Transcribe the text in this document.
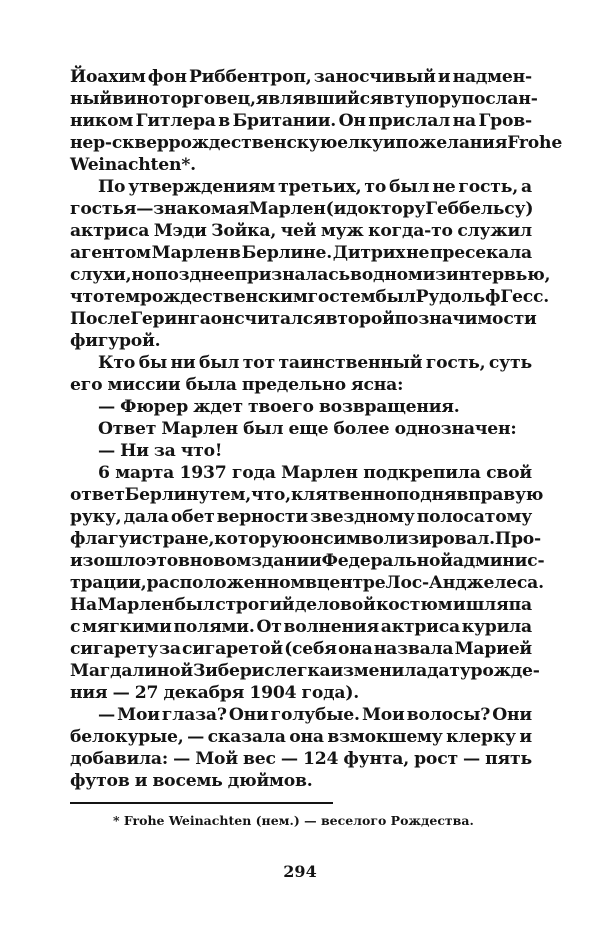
Йоахим фон Риббентроп, заносчивый и надмен-
ный виноторговец, являвшийся в ту пору послан-
ником Гитлера в Британии. Он прислал на Гров-
нер-сквер рождественскую елку и пожелания Frohe
Weinachten*.
По утверждениям третьих, то был не гость, а
гостья — знакомая Марлен (и доктору Геббельсу)
актриса Мэди Зойка, чей муж когда-то служил
агентом Марлен в Берлине. Дитрих не пресекала
слухи, но позднее призналась в одном из интервью,
что тем рождественским гостем был Рудольф Гесс.
После Геринга он считался второй по значимости
фигурой.
Кто бы ни был тот таинственный гость, суть
его миссии была предельно ясна:
— Фюрер ждет твоего возвращения.
Ответ Марлен был еще более однозначен:
— Ни за что!
6 марта 1937 года Марлен подкрепила свой
ответ Берлину тем, что, клятвенно подняв правую
руку, дала обет верности звездному полосатому
флагу и стране, которую он символизировал. Про-
изошло это в новом здании Федеральной админис-
трации, расположенном в центре Лос-Анджелеса.
На Марлен был строгий деловой костюм и шляпа
с мягкими полями. От волнения актриса курила
сигарету за сигаретой (себя она назвала Марией
Магдалиной Зибер и слегка изменила дату рожде-
ния — 27 декабря 1904 года).
— Мои глаза? Они голубые. Мои волосы? Они
белокурые, — сказала она взмокшему клерку и
добавила: — Мой вес — 124 фунта, рост — пять
футов и восемь дюймов.
* Frohe Weinachten (нем.) — веселого Рождества.
294
